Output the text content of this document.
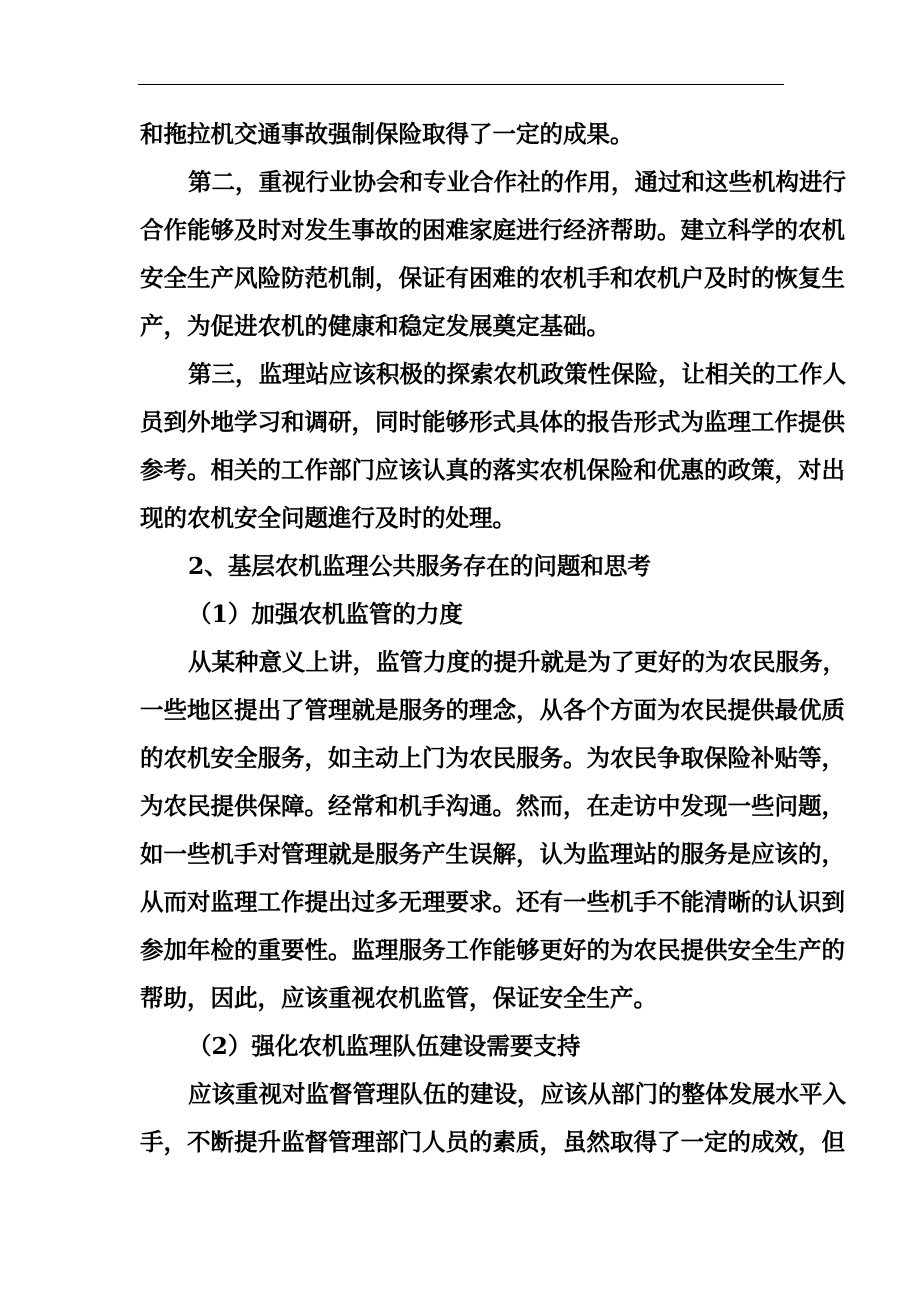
和拖拉机交通事故强制保险取得了一定的成果。
第二，重视行业协会和专业合作社的作用，通过和这些机构进行
合作能够及时对发生事故的困难家庭进行经济帮助。建立科学的农机
安全生产风险防范机制，保证有困难的农机手和农机户及时的恢复生
产，为促进农机的健康和稳定发展奠定基础。
第三，监理站应该积极的探索农机政策性保险，让相关的工作人
员到外地学习和调研，同时能够形式具体的报告形式为监理工作提供
参考。相关的工作部门应该认真的落实农机保险和优惠的政策，对出
现的农机安全问题進行及时的处理。
2、基层农机监理公共服务存在的问题和思考
（1）加强农机监管的力度
从某种意义上讲，监管力度的提升就是为了更好的为农民服务，
一些地区提出了管理就是服务的理念，从各个方面为农民提供最优质
的农机安全服务，如主动上门为农民服务。为农民争取保险补贴等，
为农民提供保障。经常和机手沟通。然而，在走访中发现一些问题，
如一些机手对管理就是服务产生误解，认为监理站的服务是应该的，
从而对监理工作提出过多无理要求。还有一些机手不能清晰的认识到
参加年检的重要性。监理服务工作能够更好的为农民提供安全生产的
帮助，因此，应该重视农机监管，保证安全生产。
（2）强化农机监理队伍建设需要支持
应该重视对监督管理队伍的建设，应该从部门的整体发展水平入
手，不断提升监督管理部门人员的素质，虽然取得了一定的成效，但
